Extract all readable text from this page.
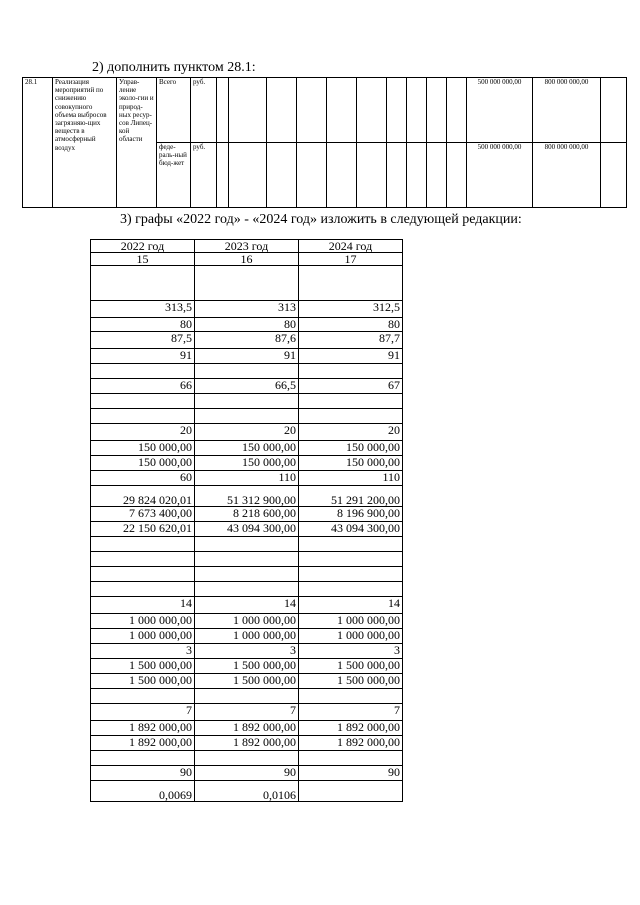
2) дополнить пунктом 28.1:
28.1	Реализация мероприятий по снижению совокупного объема выбросов загрязняю-щих веществ в атмосферный воздух	Управ-ление эколо-гии и природ-ных ресур-сов Липец-кой области	Всего	руб.											500 000 000,00	800 000 000,00	
			феде-раль-ный бюд-жет	руб.											500 000 000,00	800 000 000,00	
3) графы «2022 год» - «2024 год» изложить в следующей редакции:
2022 год	2023 год	2024 год
15	16	17

313,5	313	312,5
80	80	80
87,5	87,6	87,7
91	91	91

66	66,5	67

20	20	20
150 000,00	150 000,00	150 000,00
150 000,00	150 000,00	150 000,00
60	110	110
29 824 020,01	51 312 900,00	51 291 200,00
7 673 400,00	8 218 600,00	8 196 900,00
22 150 620,01	43 094 300,00	43 094 300,00

14	14	14
1 000 000,00	1 000 000,00	1 000 000,00
1 000 000,00	1 000 000,00	1 000 000,00
3	3	3
1 500 000,00	1 500 000,00	1 500 000,00
1 500 000,00	1 500 000,00	1 500 000,00

7	7	7
1 892 000,00	1 892 000,00	1 892 000,00
1 892 000,00	1 892 000,00	1 892 000,00

90	90	90
0,0069	0,0106	
